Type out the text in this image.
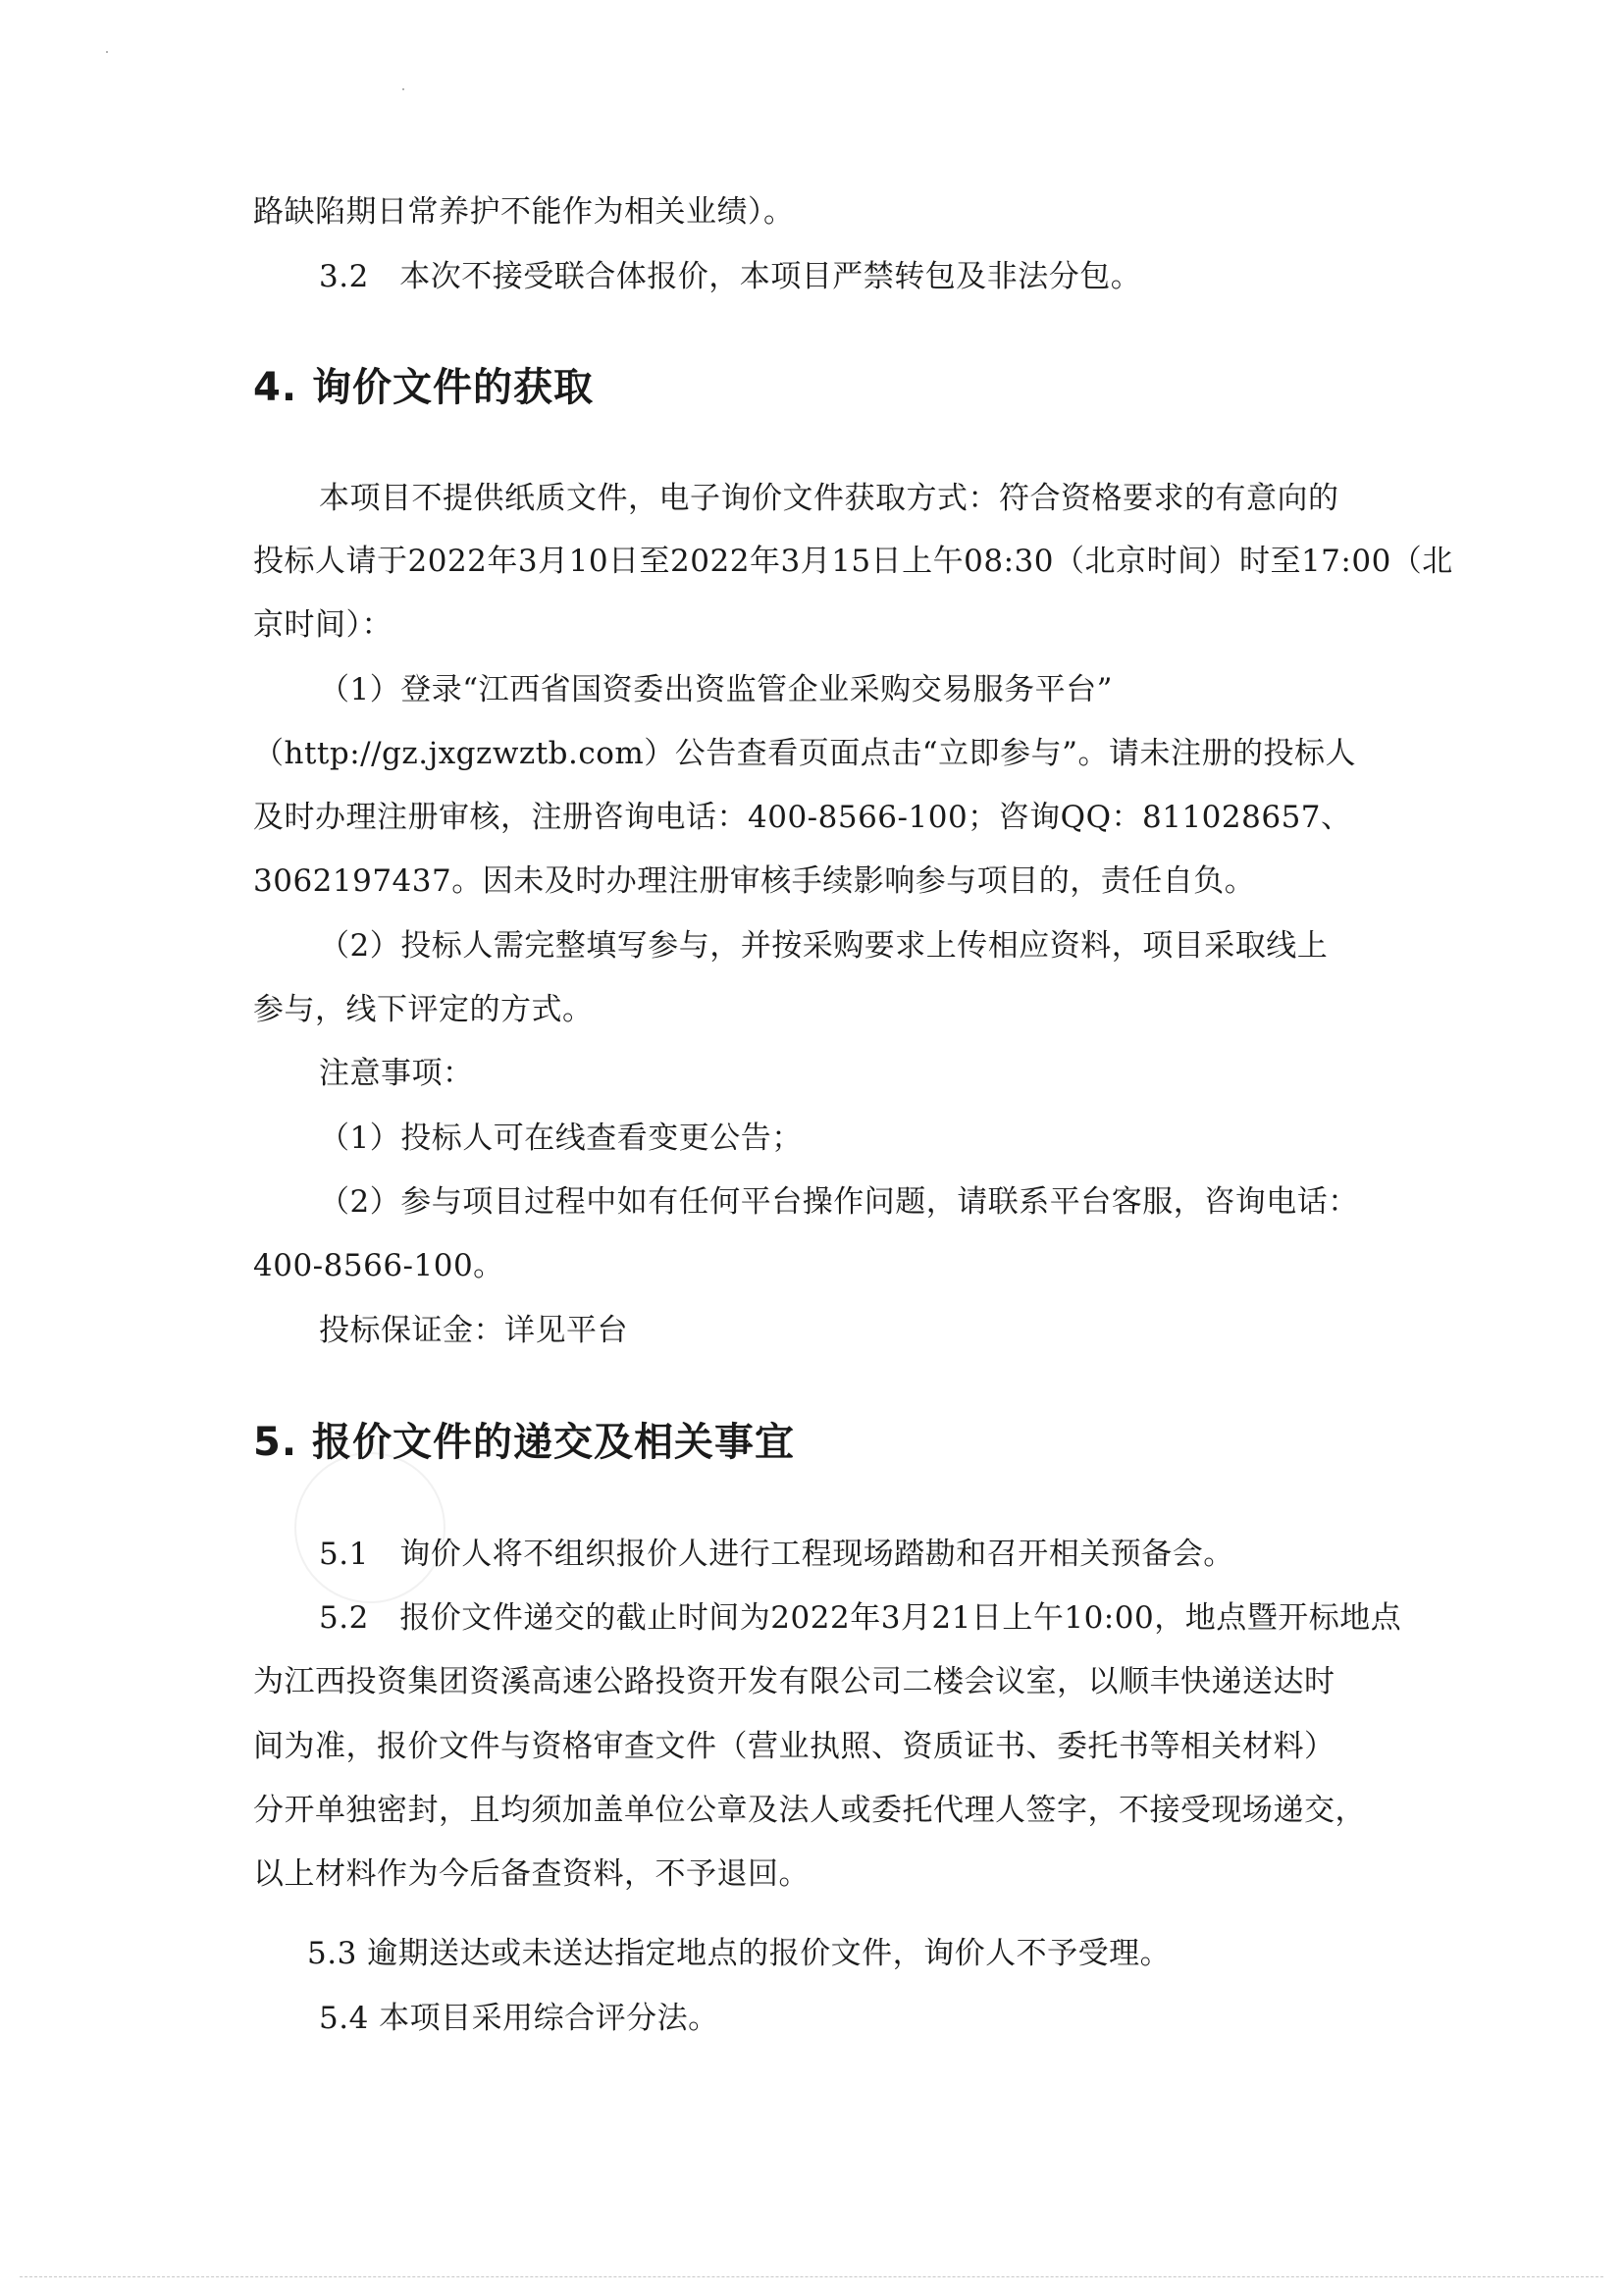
路缺陷期日常养护不能作为相关业绩）。
3.2　本次不接受联合体报价，本项目严禁转包及非法分包。
4. 询价文件的获取
本项目不提供纸质文件，电子询价文件获取方式：符合资格要求的有意向的
投标人请于2022年3月10日至2022年3月15日上午08:30（北京时间）时至17:00（北
京时间）：
（1）登录“江西省国资委出资监管企业采购交易服务平台”
（http://gz.jxgzwztb.com）公告查看页面点击“立即参与”。请未注册的投标人
及时办理注册审核，注册咨询电话：400-8566-100；咨询QQ：811028657、
3062197437。因未及时办理注册审核手续影响参与项目的，责任自负。
（2）投标人需完整填写参与，并按采购要求上传相应资料，项目采取线上
参与，线下评定的方式。
注意事项：
（1）投标人可在线查看变更公告；
（2）参与项目过程中如有任何平台操作问题，请联系平台客服，咨询电话：
400-8566-100。
投标保证金：详见平台
5. 报价文件的递交及相关事宜
5.1　询价人将不组织报价人进行工程现场踏勘和召开相关预备会。
5.2　报价文件递交的截止时间为2022年3月21日上午10:00，地点暨开标地点
为江西投资集团资溪高速公路投资开发有限公司二楼会议室，以顺丰快递送达时
间为准，报价文件与资格审查文件（营业执照、资质证书、委托书等相关材料）
分开单独密封，且均须加盖单位公章及法人或委托代理人签字，不接受现场递交，
以上材料作为今后备查资料，不予退回。
5.3 逾期送达或未送达指定地点的报价文件，询价人不予受理。
5.4 本项目采用综合评分法。
